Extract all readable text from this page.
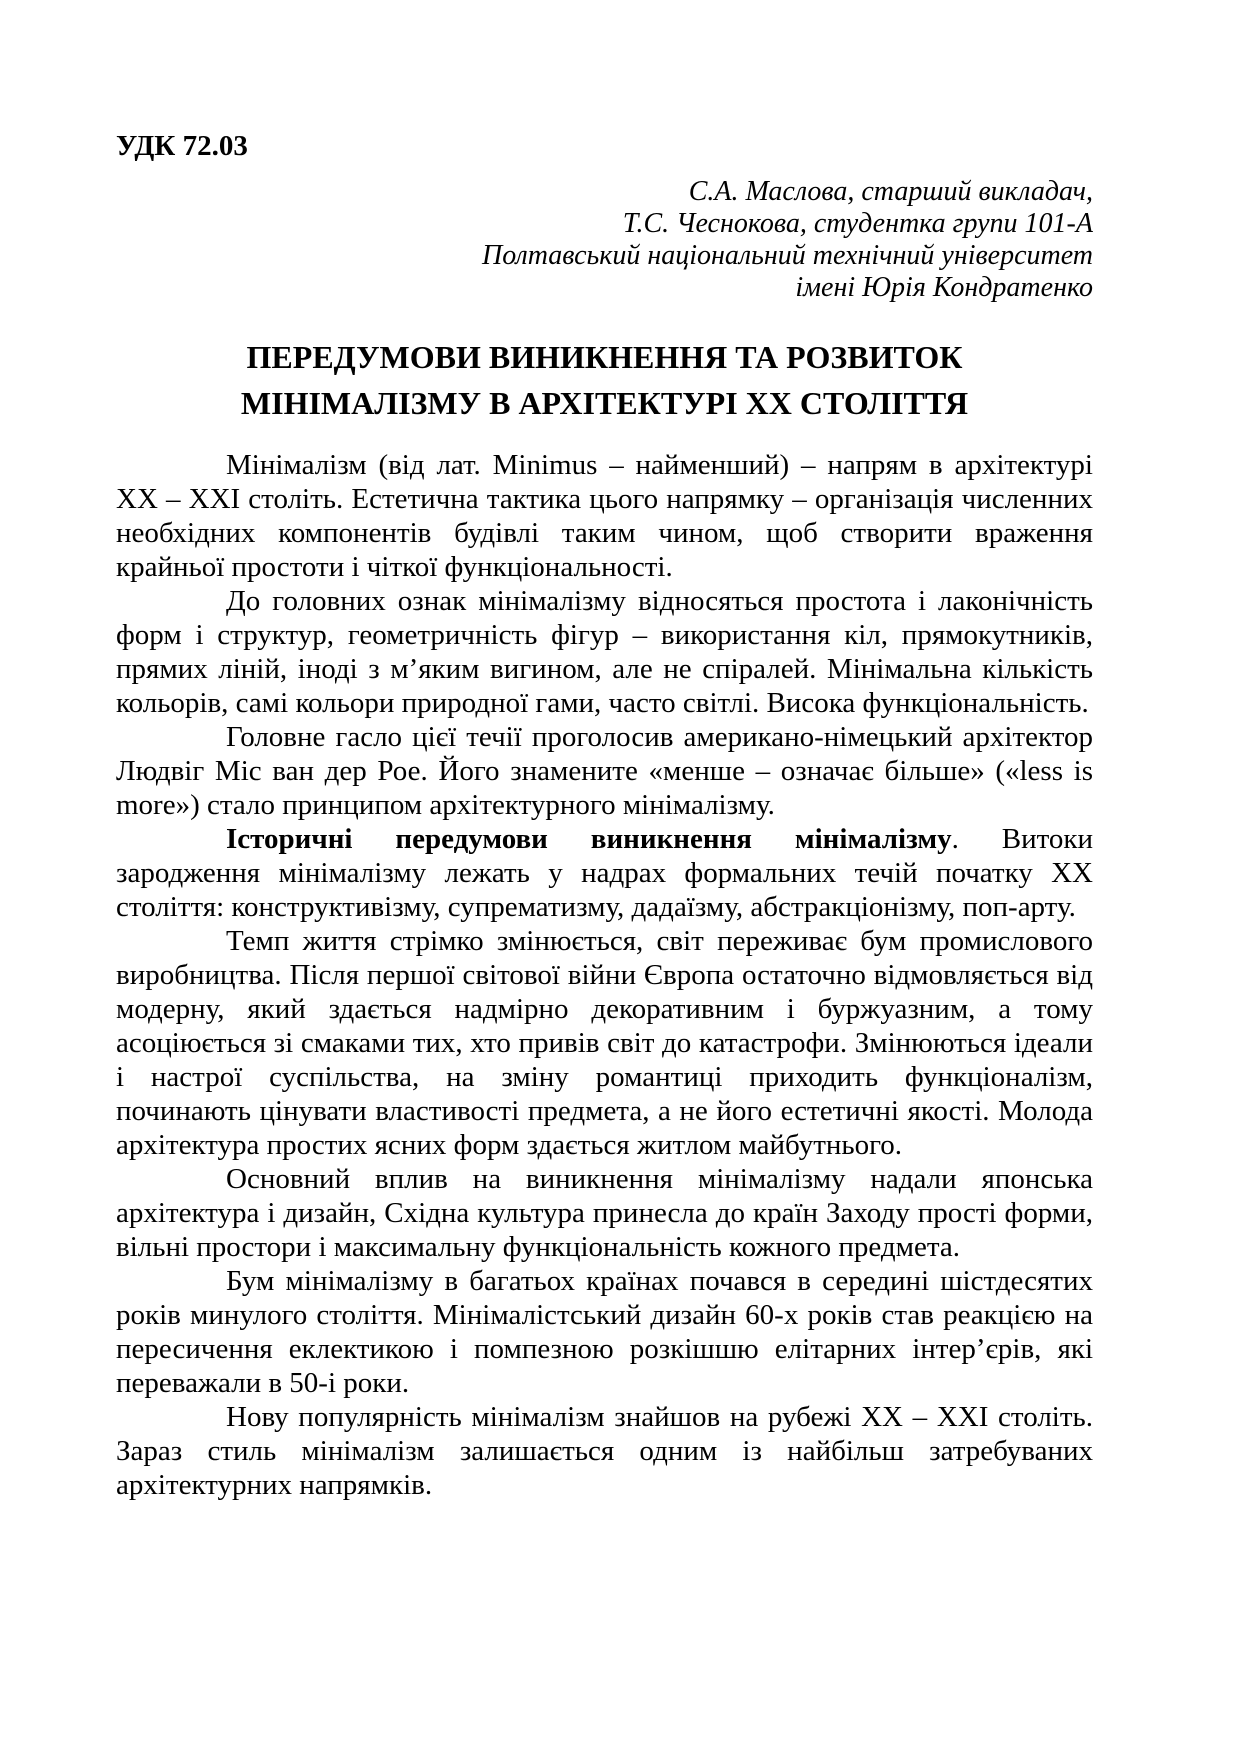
УДК 72.03
С.А. Маслова, старший викладач,
Т.С. Чеснокова, студентка групи 101-А
Полтавський національний технічний університет
імені Юрія Кондратенко
ПЕРЕДУМОВИ ВИНИКНЕННЯ ТА РОЗВИТОК
МІНІМАЛІЗМУ В АРХІТЕКТУРІ ХХ СТОЛІТТЯ

Мінімалізм (від лат. Minimus – найменший) – напрям в архітектурі ХХ – ХХІ століть. Естетична тактика цього напрямку – організація численних необхідних компонентів будівлі таким чином, щоб створити враження крайньої простоти і чіткої функціональності.

До головних ознак мінімалізму відносяться простота і лаконічність форм і структур, геометричність фігур – використання кіл, прямокутників, прямих ліній, іноді з м’яким вигином, але не спіралей. Мінімальна кількість кольорів, самі кольори природної гами, часто світлі. Висока функціональність.

Головне гасло цієї течії проголосив американо-німецький архітектор Людвіг Міс ван дер Рое. Його знамените «менше – означає більше» («less is more») стало принципом архітектурного мінімалізму.

Історичні передумови виникнення мінімалізму. Витоки зародження мінімалізму лежать у надрах формальних течій початку ХХ століття: конструктивізму, супрематизму, дадаїзму, абстракціонізму, поп-арту.

Темп життя стрімко змінюється, світ переживає бум промислового виробництва. Після першої світової війни Європа остаточно відмовляється від модерну, який здається надмірно декоративним і буржуазним, а тому асоціюється зі смаками тих, хто привів світ до катастрофи. Змінюються ідеали і настрої суспільства, на зміну романтиці приходить функціоналізм, починають цінувати властивості предмета, а не його естетичні якості. Молода архітектура простих ясних форм здається житлом майбутнього.

Основний вплив на виникнення мінімалізму надали японська архітектура і дизайн, Східна культура принесла до країн Заходу прості форми, вільні простори і максимальну функціональність кожного предмета.

Бум мінімалізму в багатьох країнах почався в середині шістдесятих років минулого століття. Мінімалістський дизайн 60-х років став реакцією на пересичення еклектикою і помпезною розкішшю елітарних інтер’єрів, які переважали в 50-і роки.

Нову популярність мінімалізм знайшов на рубежі ХХ – ХХІ століть. Зараз стиль мінімалізм залишається одним із найбільш затребуваних архітектурних напрямків.
